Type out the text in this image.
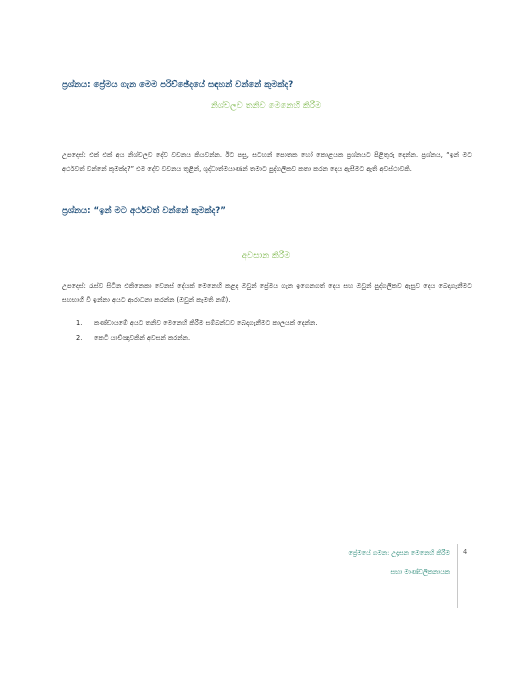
ප්‍රශ්නය: ප්‍රේමය ගැන මෙම පරිච්ඡේදයේ සඳහන් වන්නේ කුමක්ද?
නිශ්චලව තනිව මෙනෙහි කිරීම
උපදෙස්: එක් එක් අය නිශ්චලව දේව වචනය කියවන්න. ඊට පසු, සටහන් පොතක හෝ කොළයක ප්‍රශ්නයට පිළිතුරු දෙන්න. ප්‍රශ්නය, “ඉන් මට අර්ථවත් වන්නේ කුමක්ද?” එම දේව වචනය තුළින්, ශුද්ධාත්මයාණන් තමාට පුද්ගලිකව කතා කරන දෙය ඇසීමට ඇති අවස්ථාවකි.
ප්‍රශ්නය: “ඉන් මට අර්ථවත් වන්නේ කුමක්ද?”
අවසාන කිරීම
උපදෙස්: රැස්ව සිටින එකිනෙකා වෙනස් දේයක් මෙනෙහි කළද ඔවුන් ප්‍රේමය ගැන ඉගෙනගත් දෙය සහ ඔවුන් පුද්ගලිකව ඇසුව දෙය බෙදාගැනීමට සහභාගී වී ඉන්නා අයට ආරාධනා කරන්න (ඔවුන් කැමති නම්).
1.	කණ්ඩායමේ අයට තනිව මෙනෙහි කිරීම සම්බන්ධව බෙදාගැනීමට කාලයක් දෙන්න.
2.	කෙටි යාච්ඤාවකින් අවසන් කරන්න.
ප්‍රේමයේ ගමන: උදෑසන මෙනෙහි කිරීම
සභා මාණ්ඩලිකනායක
4
